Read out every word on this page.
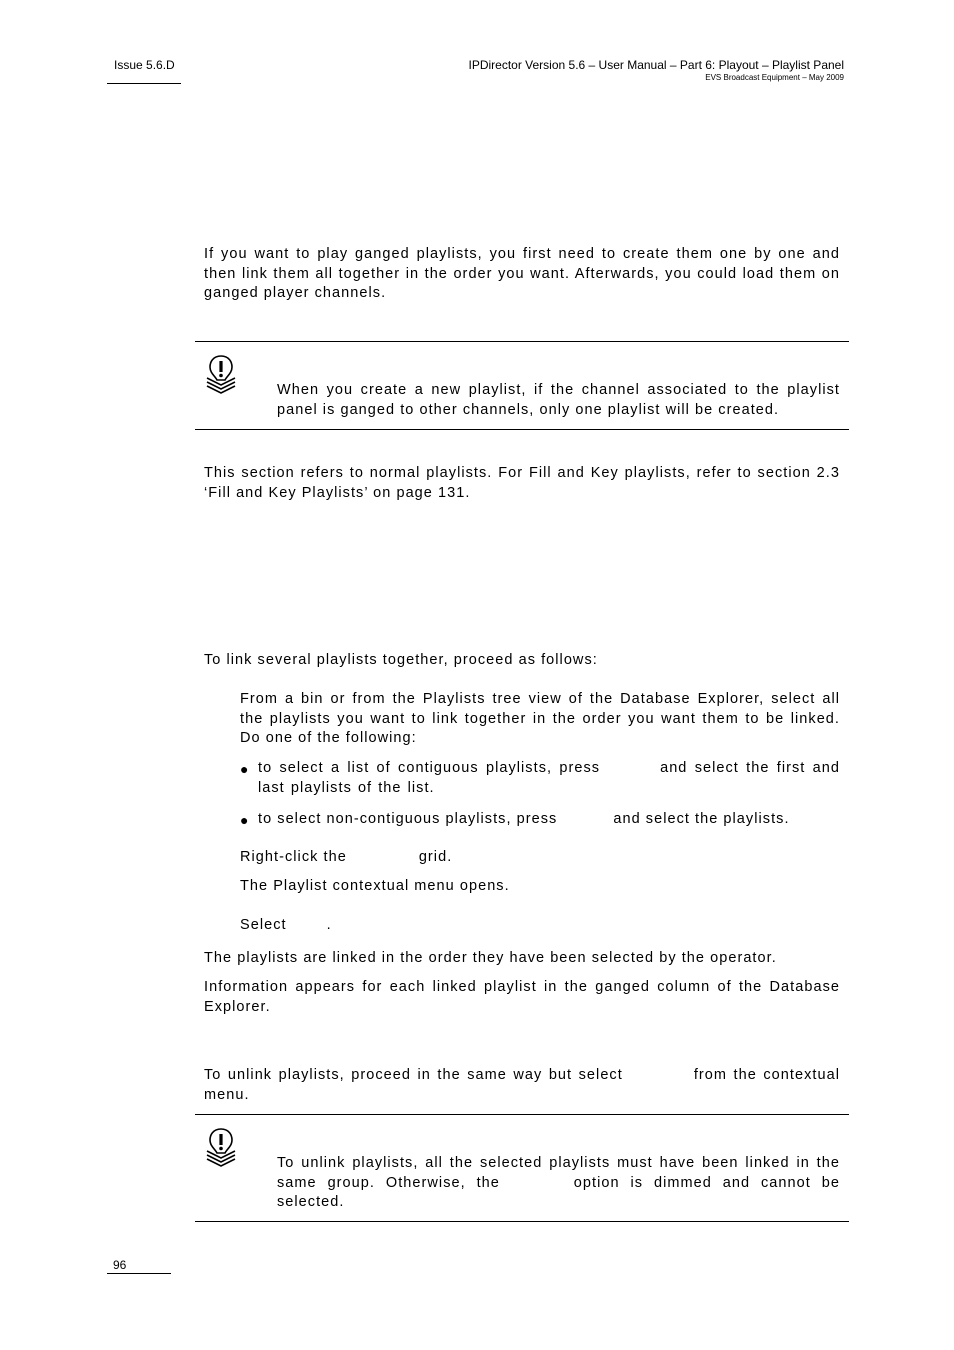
Issue 5.6.D	IPDirector Version 5.6 – User Manual – Part 6: Playout – Playlist Panel
EVS Broadcast Equipment – May 2009
If you want to play ganged playlists, you first need to create them one by one and then link them all together in the order you want. Afterwards, you could load them on ganged player channels.
When you create a new playlist, if the channel associated to the playlist panel is ganged to other channels, only one playlist will be created.
This section refers to normal playlists. For Fill and Key playlists, refer to section 2.3 ‘Fill and Key Playlists’ on page 131.
To link several playlists together, proceed as follows:
From a bin or from the Playlists tree view of the Database Explorer, select all the playlists you want to link together in the order you want them to be linked. Do one of the following:
● to select a list of contiguous playlists, press	and select the first and last playlists of the list.
● to select non-contiguous playlists, press	and select the playlists.
Right-click the	grid.
The Playlist contextual menu opens.
Select	.
The playlists are linked in the order they have been selected by the operator.
Information appears for each linked playlist in the ganged column of the Database Explorer.
To unlink playlists, proceed in the same way but select	from the contextual menu.
To unlink playlists, all the selected playlists must have been linked in the same group. Otherwise, the	option is dimmed and cannot be selected.
96
